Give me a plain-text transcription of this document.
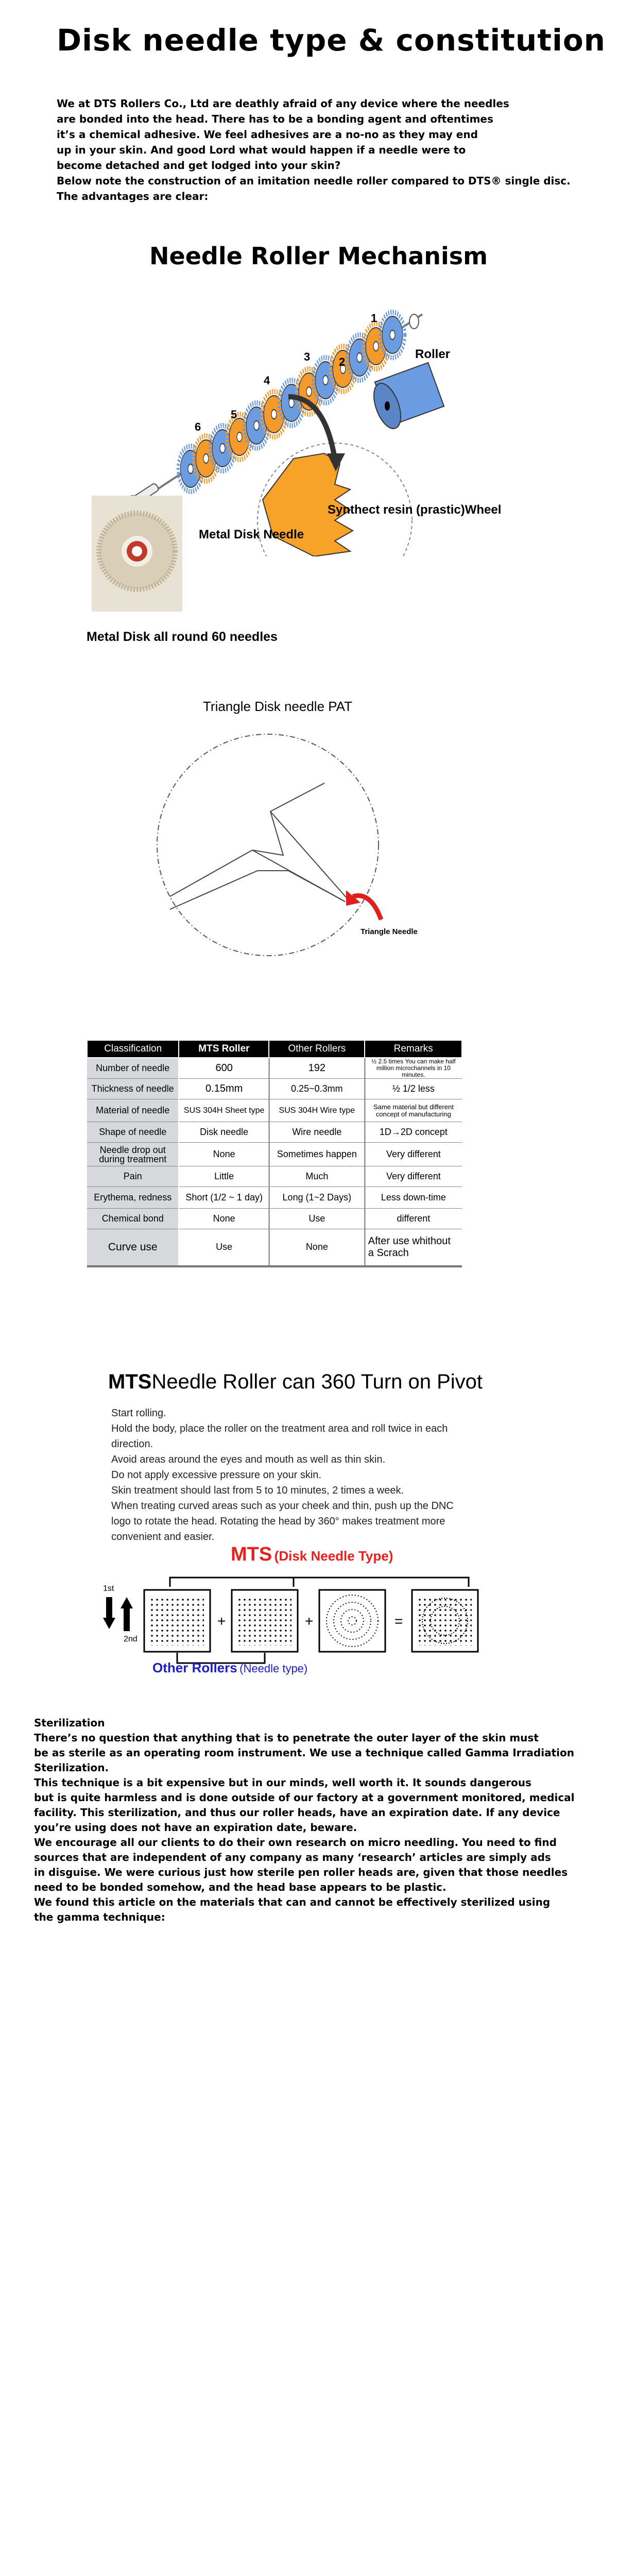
Disk needle type & constitution
We at DTS Rollers Co., Ltd are deathly afraid of any device where the needles
are bonded into the head. There has to be a bonding agent and oftentimes
it’s a chemical adhesive. We feel adhesives are a no-no as they may end
up in your skin. And good Lord what would happen if a needle were to
become detached and get lodged into your skin?
Below note the construction of an imitation needle roller compared to DTS® single disc.
The advantages are clear:
Needle Roller Mechanism
1
2
3
4
5
6
Roller
Synthect resin (prastic)Wheel
Metal Disk Needle
Metal Disk all round 60 needles
Triangle Disk needle PAT
Triangle Needle
Classification	MTS Roller	Other Rollers	Remarks
Number of needle	600	192	½ 2.5 times You can make half million microchannels in 10 minutes.
Thickness of needle	0.15mm	0.25~0.3mm	½ 1/2 less
Material of needle	SUS 304H Sheet type	SUS 304H Wire type	Same material but different concept of manufacturing
Shape of needle	Disk needle	Wire needle	1D→2D concept
Needle drop out during treatment	None	Sometimes happen	Very different
Pain	Little	Much	Very different
Erythema, redness	Short (1/2 ~ 1 day)	Long (1~2 Days)	Less down-time
Chemical bond	None	Use	different
Curve use	Use	None	After use whithout a Scrach
MTSNeedle Roller can 360 Turn on Pivot
Start rolling.
Hold the body, place the roller on the treatment area and roll twice in each
direction.
Avoid areas around the eyes and mouth as well as thin skin.
Do not apply excessive pressure on your skin.
Skin treatment should last from 5 to 10 minutes, 2 times a week.
When treating curved areas such as your cheek and thin, push up the DNC
logo to rotate the head. Rotating the head by 360° makes treatment more
convenient and easier.
MTS (Disk Needle Type)
1st
2nd
+	+	=
Other Rollers (Needle type)
Sterilization
There’s no question that anything that is to penetrate the outer layer of the skin must
be as sterile as an operating room instrument. We use a technique called Gamma Irradiation
Sterilization.
This technique is a bit expensive but in our minds, well worth it. It sounds dangerous
but is quite harmless and is done outside of our factory at a government monitored, medical
facility. This sterilization, and thus our roller heads, have an expiration date. If any device
you’re using does not have an expiration date, beware.
We encourage all our clients to do their own research on micro needling. You need to find
sources that are independent of any company as many ‘research’ articles are simply ads
in disguise. We were curious just how sterile pen roller heads are, given that those needles
need to be bonded somehow, and the head base appears to be plastic.
We found this article on the materials that can and cannot be effectively sterilized using
the gamma technique:
